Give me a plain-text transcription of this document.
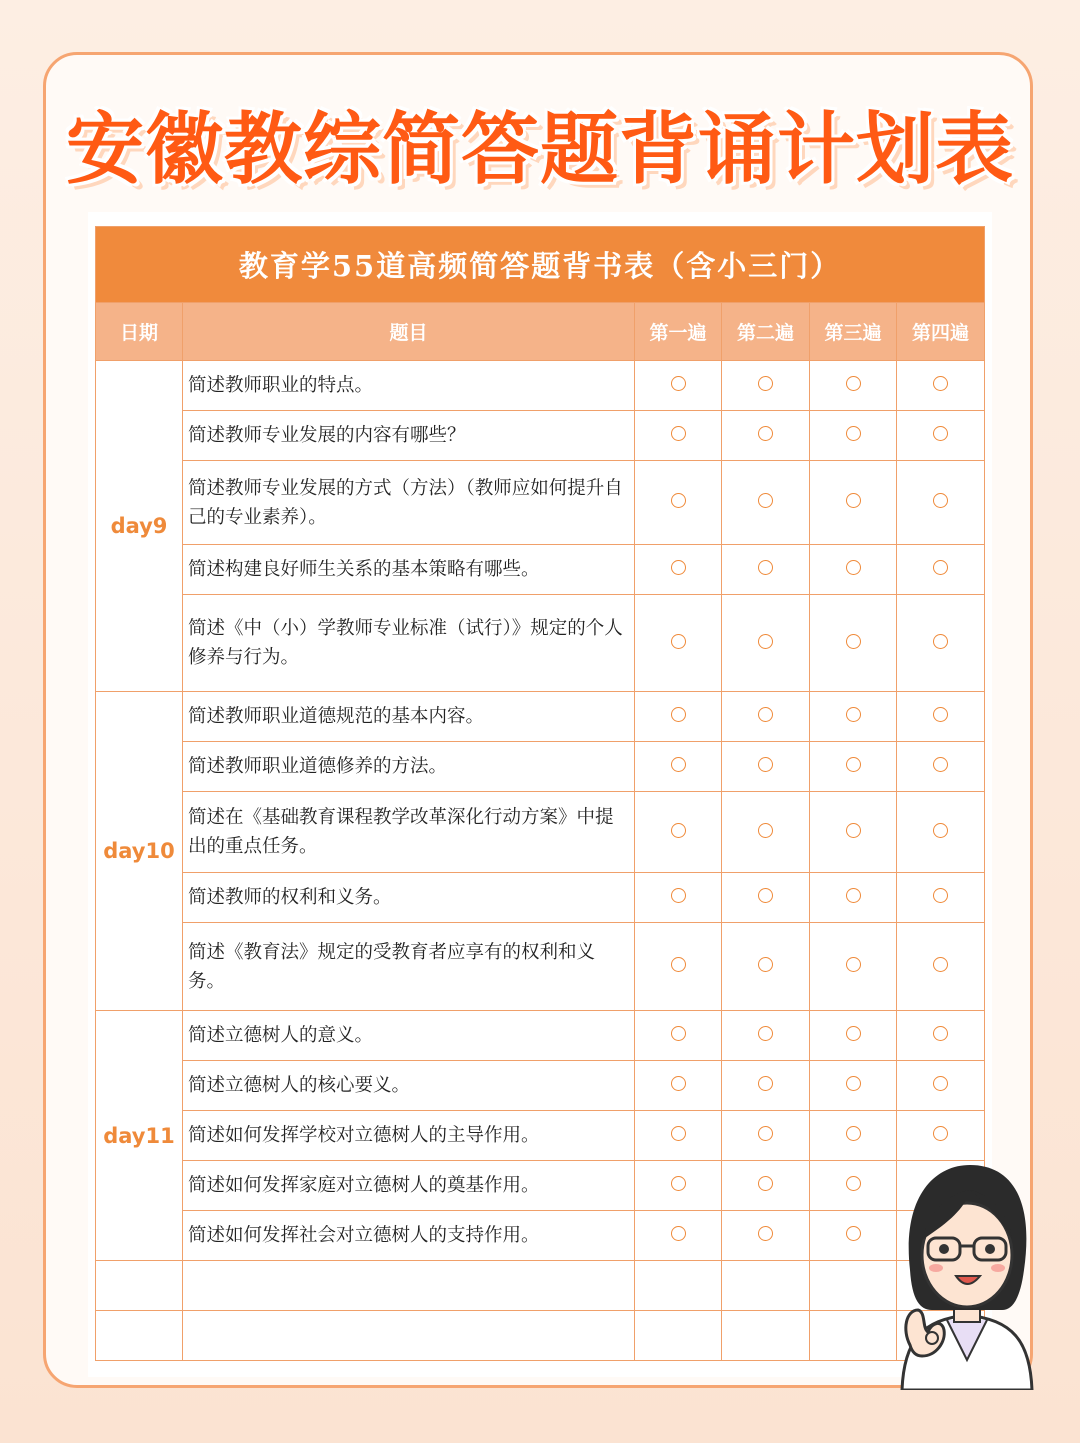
安徽教综简答题背诵计划表
教育学55道高频简答题背书表（含小三门）					
日期	题目	第一遍	第二遍	第三遍	第四遍
day9	简述教师职业的特点。				
	简述教师专业发展的内容有哪些？				
	简述教师专业发展的方式（方法）（教师应如何提升自己的专业素养）。				
	简述构建良好师生关系的基本策略有哪些。				
	简述《中（小）学教师专业标准（试行）》规定的个人修养与行为。				
day10	简述教师职业道德规范的基本内容。				
	简述教师职业道德修养的方法。				
	简述在《基础教育课程教学改革深化行动方案》中提出的重点任务。				
	简述教师的权利和义务。				
	简述《教育法》规定的受教育者应享有的权利和义务。				
day11	简述立德树人的意义。				
	简述立德树人的核心要义。				
	简述如何发挥学校对立德树人的主导作用。				
	简述如何发挥家庭对立德树人的奠基作用。				
	简述如何发挥社会对立德树人的支持作用。				
